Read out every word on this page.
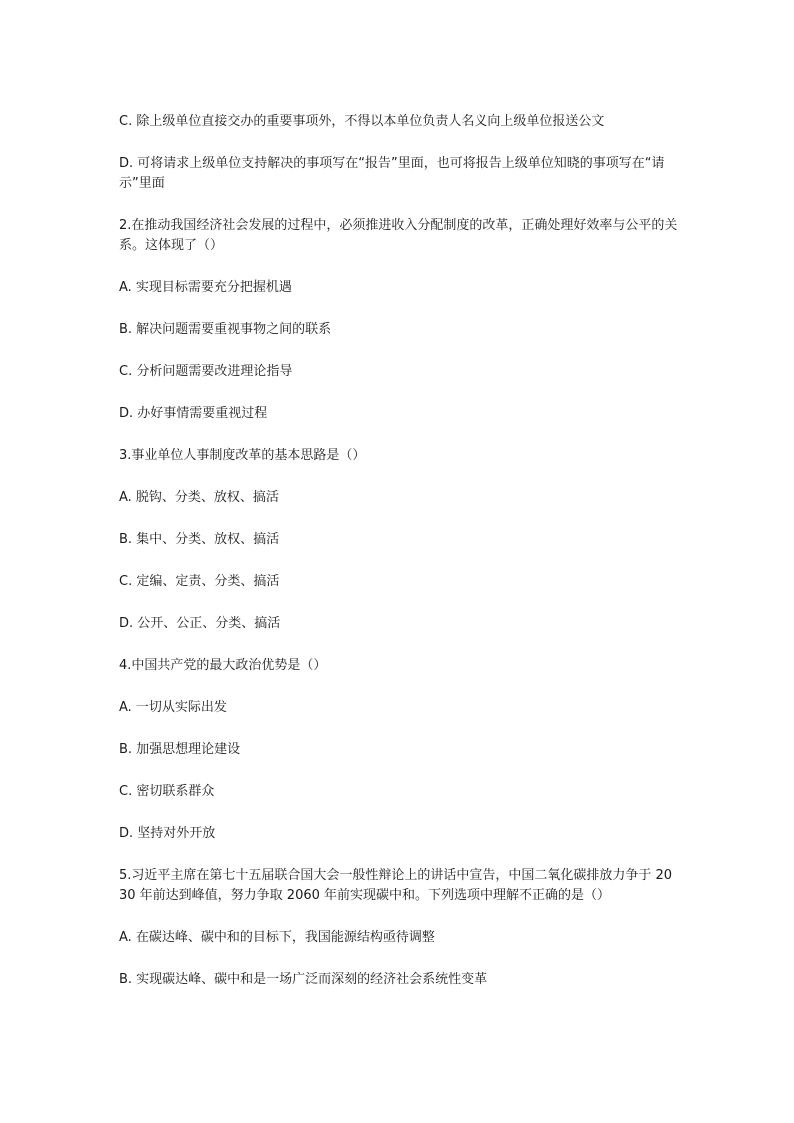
C. 除上级单位直接交办的重要事项外，不得以本单位负责人名义向上级单位报送公文

D. 可将请求上级单位支持解决的事项写在“报告”里面，也可将报告上级单位知晓的事项写在“请示”里面

2.在推动我国经济社会发展的过程中，必须推进收入分配制度的改革，正确处理好效率与公平的关系。这体现了（）

A. 实现目标需要充分把握机遇

B. 解决问题需要重视事物之间的联系

C. 分析问题需要改进理论指导

D. 办好事情需要重视过程

3.事业单位人事制度改革的基本思路是（）

A. 脱钩、分类、放权、搞活

B. 集中、分类、放权、搞活

C. 定编、定责、分类、搞活

D. 公开、公正、分类、搞活

4.中国共产党的最大政治优势是（）

A. 一切从实际出发

B. 加强思想理论建设

C. 密切联系群众

D. 坚持对外开放

5.习近平主席在第七十五届联合国大会一般性辩论上的讲话中宣告，中国二氧化碳排放力争于 2030 年前达到峰值，努力争取 2060 年前实现碳中和。下列选项中理解不正确的是（）

A. 在碳达峰、碳中和的目标下，我国能源结构亟待调整

B. 实现碳达峰、碳中和是一场广泛而深刻的经济社会系统性变革
